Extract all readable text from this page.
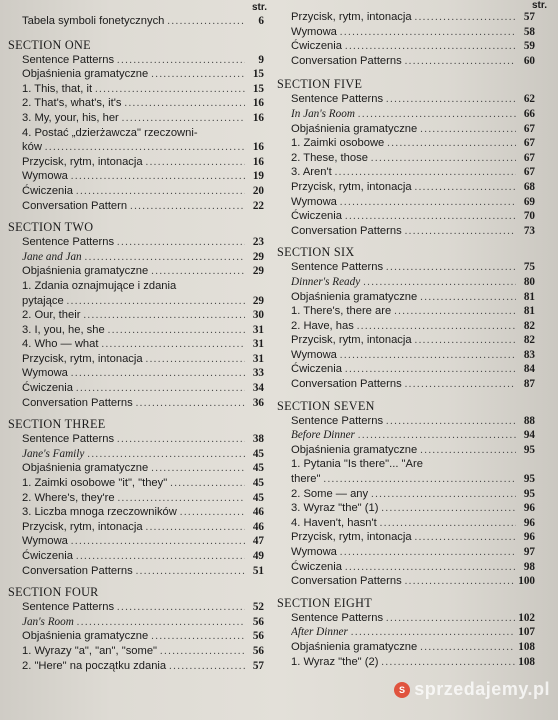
str.	str.
Tabela symboli fonetycznych .....	6
SECTION ONE
Sentence Patterns .....	9
Objaśnienia gramatyczne .....	15
1. This, that, it .....	15
2. That's, what's, it's .....	16
3. My, your, his, her .....	16
4. Postać „dzierżawcza" rzeczowni-
ków .....	16
Przycisk, rytm, intonacja .....	16
Wymowa .....	19
Ćwiczenia .....	20
Conversation Pattern .....	22
SECTION TWO
Sentence Patterns .....	23
Jane and Jan .....	29
Objaśnienia gramatyczne .....	29
1. Zdania oznajmujące i zdania
pytające .....	29
2. Our, their .....	30
3. I, you, he, she .....	31
4. Who — what .....	31
Przycisk, rytm, intonacja .....	31
Wymowa .....	33
Ćwiczenia .....	34
Conversation Patterns .....	36
SECTION THREE
Sentence Patterns .....	38
Jane's Family .....	45
Objaśnienia gramatyczne .....	45
1. Zaimki osobowe "it", "they" .....	45
2. Where's, they're .....	45
3. Liczba mnoga rzeczowników .....	46
Przycisk, rytm, intonacja .....	46
Wymowa .....	47
Ćwiczenia .....	49
Conversation Patterns .....	51
SECTION FOUR
Sentence Patterns .....	52
Jan's Room .....	56
Objaśnienia gramatyczne .....	56
1. Wyrazy "a", "an", "some" .....	56
2. "Here" na początku zdania .....	57
Przycisk, rytm, intonacja .....	57
Wymowa .....	58
Ćwiczenia .....	59
Conversation Patterns .....	60
SECTION FIVE
Sentence Patterns .....	62
In Jan's Room .....	66
Objaśnienia gramatyczne .....	67
1. Zaimki osobowe .....	67
2. These, those .....	67
3. Aren't .....	67
Przycisk, rytm, intonacja .....	68
Wymowa .....	69
Ćwiczenia .....	70
Conversation Patterns .....	73
SECTION SIX
Sentence Patterns .....	75
Dinner's Ready .....	80
Objaśnienia gramatyczne .....	81
1. There's, there are .....	81
2. Have, has .....	82
Przycisk, rytm, intonacja .....	82
Wymowa .....	83
Ćwiczenia .....	84
Conversation Patterns .....	87
SECTION SEVEN
Sentence Patterns .....	88
Before Dinner .....	94
Objaśnienia gramatyczne .....	95
1. Pytania "Is there"... "Are
there" .....	95
2. Some — any .....	95
3. Wyraz "the" (1) .....	96
4. Haven't, hasn't .....	96
Przycisk, rytm, intonacja .....	96
Wymowa .....	97
Ćwiczenia .....	98
Conversation Patterns .....	100
SECTION EIGHT
Sentence Patterns .....	102
After Dinner .....	107
Objaśnienia gramatyczne .....	108
1. Wyraz "the" (2) .....	108
S sprzedajemy.pl
